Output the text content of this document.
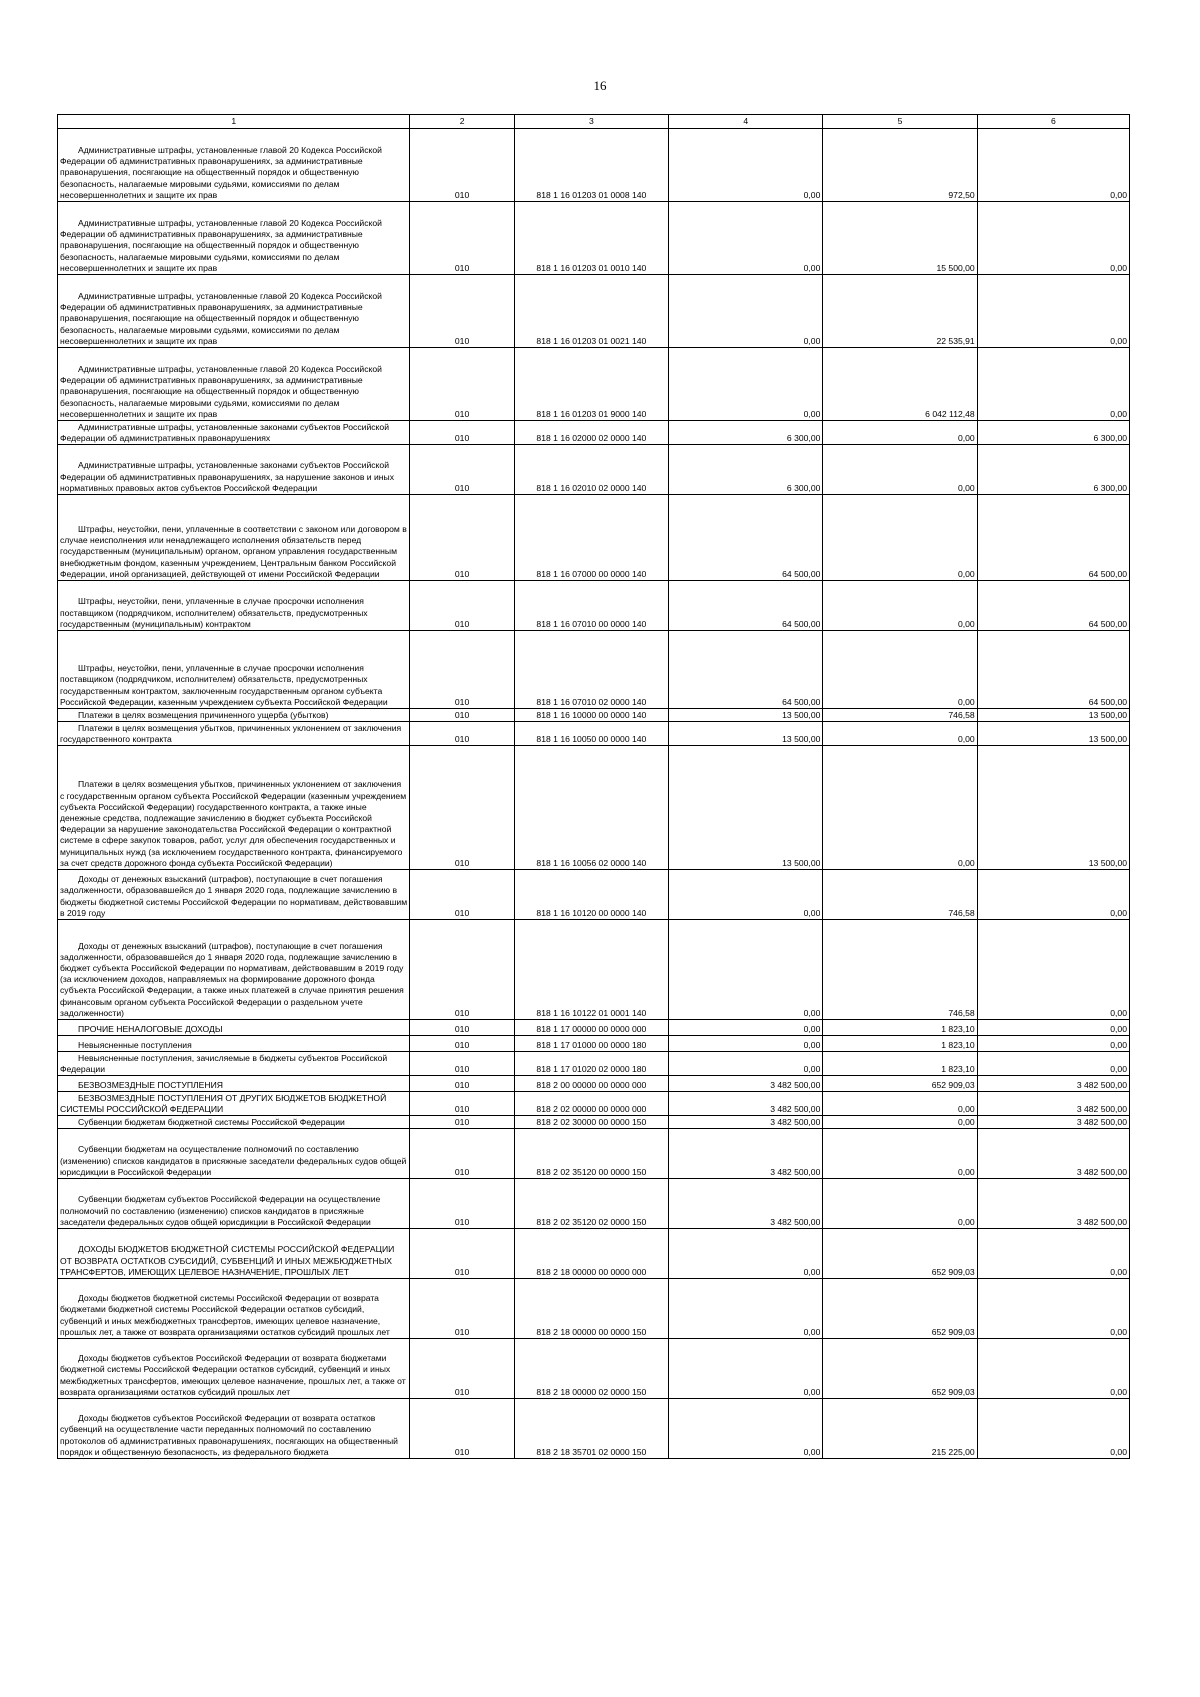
16
1	2	3	4	5	6
Административные штрафы, установленные главой 20 Кодекса Российской Федерации об административных правонарушениях, за административные правонарушения, посягающие на общественный порядок и общественную безопасность, налагаемые мировыми судьями, комиссиями по делам несовершеннолетних и защите их прав	010	818 1 16 01203 01 0008 140	0,00	972,50	0,00
Административные штрафы, установленные главой 20 Кодекса Российской Федерации об административных правонарушениях, за административные правонарушения, посягающие на общественный порядок и общественную безопасность, налагаемые мировыми судьями, комиссиями по делам несовершеннолетних и защите их прав	010	818 1 16 01203 01 0010 140	0,00	15 500,00	0,00
Административные штрафы, установленные главой 20 Кодекса Российской Федерации об административных правонарушениях, за административные правонарушения, посягающие на общественный порядок и общественную безопасность, налагаемые мировыми судьями, комиссиями по делам несовершеннолетних и защите их прав	010	818 1 16 01203 01 0021 140	0,00	22 535,91	0,00
Административные штрафы, установленные главой 20 Кодекса Российской Федерации об административных правонарушениях, за административные правонарушения, посягающие на общественный порядок и общественную безопасность, налагаемые мировыми судьями, комиссиями по делам несовершеннолетних и защите их прав	010	818 1 16 01203 01 9000 140	0,00	6 042 112,48	0,00
Административные штрафы, установленные законами субъектов Российской Федерации об административных правонарушениях	010	818 1 16 02000 02 0000 140	6 300,00	0,00	6 300,00
Административные штрафы, установленные законами субъектов Российской Федерации об административных правонарушениях, за нарушение законов и иных нормативных правовых актов субъектов Российской Федерации	010	818 1 16 02010 02 0000 140	6 300,00	0,00	6 300,00
Штрафы, неустойки, пени, уплаченные в соответствии с законом или договором в случае неисполнения или ненадлежащего исполнения обязательств перед государственным (муниципальным) органом, органом управления государственным внебюджетным фондом, казенным учреждением, Центральным банком Российской Федерации, иной организацией, действующей от имени Российской Федерации	010	818 1 16 07000 00 0000 140	64 500,00	0,00	64 500,00
Штрафы, неустойки, пени, уплаченные в случае просрочки исполнения поставщиком (подрядчиком, исполнителем) обязательств, предусмотренных государственным (муниципальным) контрактом	010	818 1 16 07010 00 0000 140	64 500,00	0,00	64 500,00
Штрафы, неустойки, пени, уплаченные в случае просрочки исполнения поставщиком (подрядчиком, исполнителем) обязательств, предусмотренных государственным контрактом, заключенным государственным органом субъекта Российской Федерации, казенным учреждением субъекта Российской Федерации	010	818 1 16 07010 02 0000 140	64 500,00	0,00	64 500,00
Платежи в целях возмещения причиненного ущерба (убытков)	010	818 1 16 10000 00 0000 140	13 500,00	746,58	13 500,00
Платежи в целях возмещения убытков, причиненных уклонением от заключения государственного контракта	010	818 1 16 10050 00 0000 140	13 500,00	0,00	13 500,00
Платежи в целях возмещения убытков, причиненных уклонением от заключения с государственным органом субъекта Российской Федерации (казенным учреждением субъекта Российской Федерации) государственного контракта, а также иные денежные средства, подлежащие зачислению в бюджет субъекта Российской Федерации за нарушение законодательства Российской Федерации о контрактной системе в сфере закупок товаров, работ, услуг для обеспечения государственных и муниципальных нужд (за исключением государственного контракта, финансируемого за счет средств дорожного фонда субъекта Российской Федерации)	010	818 1 16 10056 02 0000 140	13 500,00	0,00	13 500,00
Доходы от денежных взысканий (штрафов), поступающие в счет погашения задолженности, образовавшейся до 1 января 2020 года, подлежащие зачислению в бюджеты бюджетной системы Российской Федерации по нормативам, действовавшим в 2019 году	010	818 1 16 10120 00 0000 140	0,00	746,58	0,00
Доходы от денежных взысканий (штрафов), поступающие в счет погашения задолженности, образовавшейся до 1 января 2020 года, подлежащие зачислению в бюджет субъекта Российской Федерации по нормативам, действовавшим в 2019 году (за исключением доходов, направляемых на формирование дорожного фонда субъекта Российской Федерации, а также иных платежей в случае принятия решения финансовым органом субъекта Российской Федерации о раздельном учете задолженности)	010	818 1 16 10122 01 0001 140	0,00	746,58	0,00
ПРОЧИЕ НЕНАЛОГОВЫЕ ДОХОДЫ	010	818 1 17 00000 00 0000 000	0,00	1 823,10	0,00
Невыясненные поступления	010	818 1 17 01000 00 0000 180	0,00	1 823,10	0,00
Невыясненные поступления, зачисляемые в бюджеты субъектов Российской Федерации	010	818 1 17 01020 02 0000 180	0,00	1 823,10	0,00
БЕЗВОЗМЕЗДНЫЕ ПОСТУПЛЕНИЯ	010	818 2 00 00000 00 0000 000	3 482 500,00	652 909,03	3 482 500,00
БЕЗВОЗМЕЗДНЫЕ ПОСТУПЛЕНИЯ ОТ ДРУГИХ БЮДЖЕТОВ БЮДЖЕТНОЙ СИСТЕМЫ РОССИЙСКОЙ ФЕДЕРАЦИИ	010	818 2 02 00000 00 0000 000	3 482 500,00	0,00	3 482 500,00
Субвенции бюджетам бюджетной системы Российской Федерации	010	818 2 02 30000 00 0000 150	3 482 500,00	0,00	3 482 500,00
Субвенции бюджетам на осуществление полномочий по составлению (изменению) списков кандидатов в присяжные заседатели федеральных судов общей юрисдикции в Российской Федерации	010	818 2 02 35120 00 0000 150	3 482 500,00	0,00	3 482 500,00
Субвенции бюджетам субъектов Российской Федерации на осуществление полномочий по составлению (изменению) списков кандидатов в присяжные заседатели федеральных судов общей юрисдикции в Российской Федерации	010	818 2 02 35120 02 0000 150	3 482 500,00	0,00	3 482 500,00
ДОХОДЫ БЮДЖЕТОВ БЮДЖЕТНОЙ СИСТЕМЫ РОССИЙСКОЙ ФЕДЕРАЦИИ ОТ ВОЗВРАТА ОСТАТКОВ СУБСИДИЙ, СУБВЕНЦИЙ И ИНЫХ МЕЖБЮДЖЕТНЫХ ТРАНСФЕРТОВ, ИМЕЮЩИХ ЦЕЛЕВОЕ НАЗНАЧЕНИЕ, ПРОШЛЫХ ЛЕТ	010	818 2 18 00000 00 0000 000	0,00	652 909,03	0,00
Доходы бюджетов бюджетной системы Российской Федерации от возврата бюджетами бюджетной системы Российской Федерации остатков субсидий, субвенций и иных межбюджетных трансфертов, имеющих целевое назначение, прошлых лет, а также от возврата организациями остатков субсидий прошлых лет	010	818 2 18 00000 00 0000 150	0,00	652 909,03	0,00
Доходы бюджетов субъектов Российской Федерации от возврата бюджетами бюджетной системы Российской Федерации остатков субсидий, субвенций и иных межбюджетных трансфертов, имеющих целевое назначение, прошлых лет, а также от возврата организациями остатков субсидий прошлых лет	010	818 2 18 00000 02 0000 150	0,00	652 909,03	0,00
Доходы бюджетов субъектов Российской Федерации от возврата остатков субвенций на осуществление части переданных полномочий по составлению протоколов об административных правонарушениях, посягающих на общественный порядок и общественную безопасность, из федерального бюджета	010	818 2 18 35701 02 0000 150	0,00	215 225,00	0,00
